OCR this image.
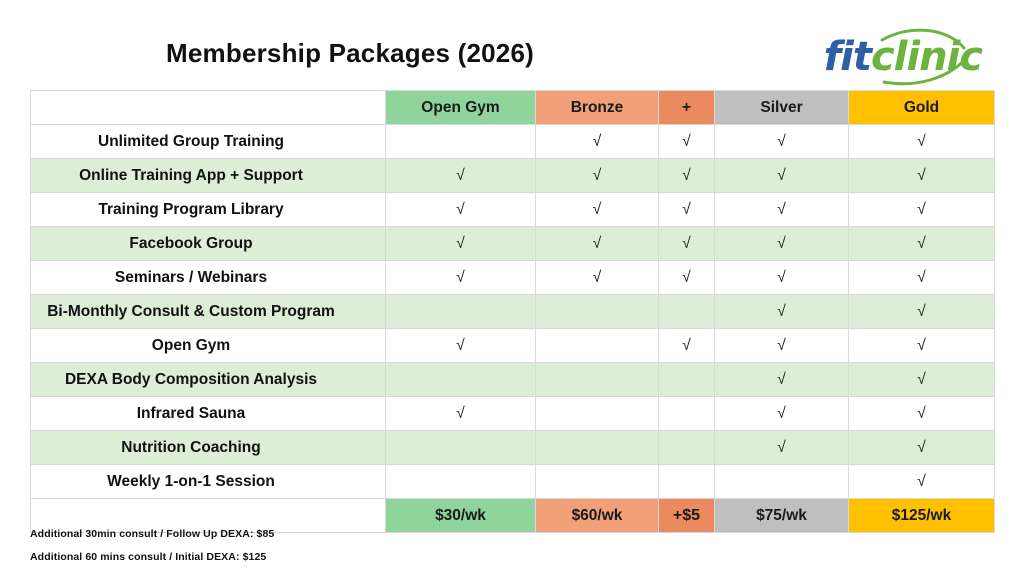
Membership Packages (2026)	fitclinic
	Open Gym	Bronze	+	Silver	Gold
Unlimited Group Training		√	√	√	√
Online Training App + Support	√	√	√	√	√
Training Program Library	√	√	√	√	√
Facebook Group	√	√	√	√	√
Seminars / Webinars	√	√	√	√	√
Bi-Monthly Consult & Custom Program				√	√
Open Gym	√		√	√	√
DEXA Body Composition Analysis				√	√
Infrared Sauna	√			√	√
Nutrition Coaching				√	√
Weekly 1-on-1 Session					√
	$30/wk	$60/wk	+$5	$75/wk	$125/wk
Additional 30min consult / Follow Up DEXA: $85
Additional 60 mins consult / Initial DEXA: $125
